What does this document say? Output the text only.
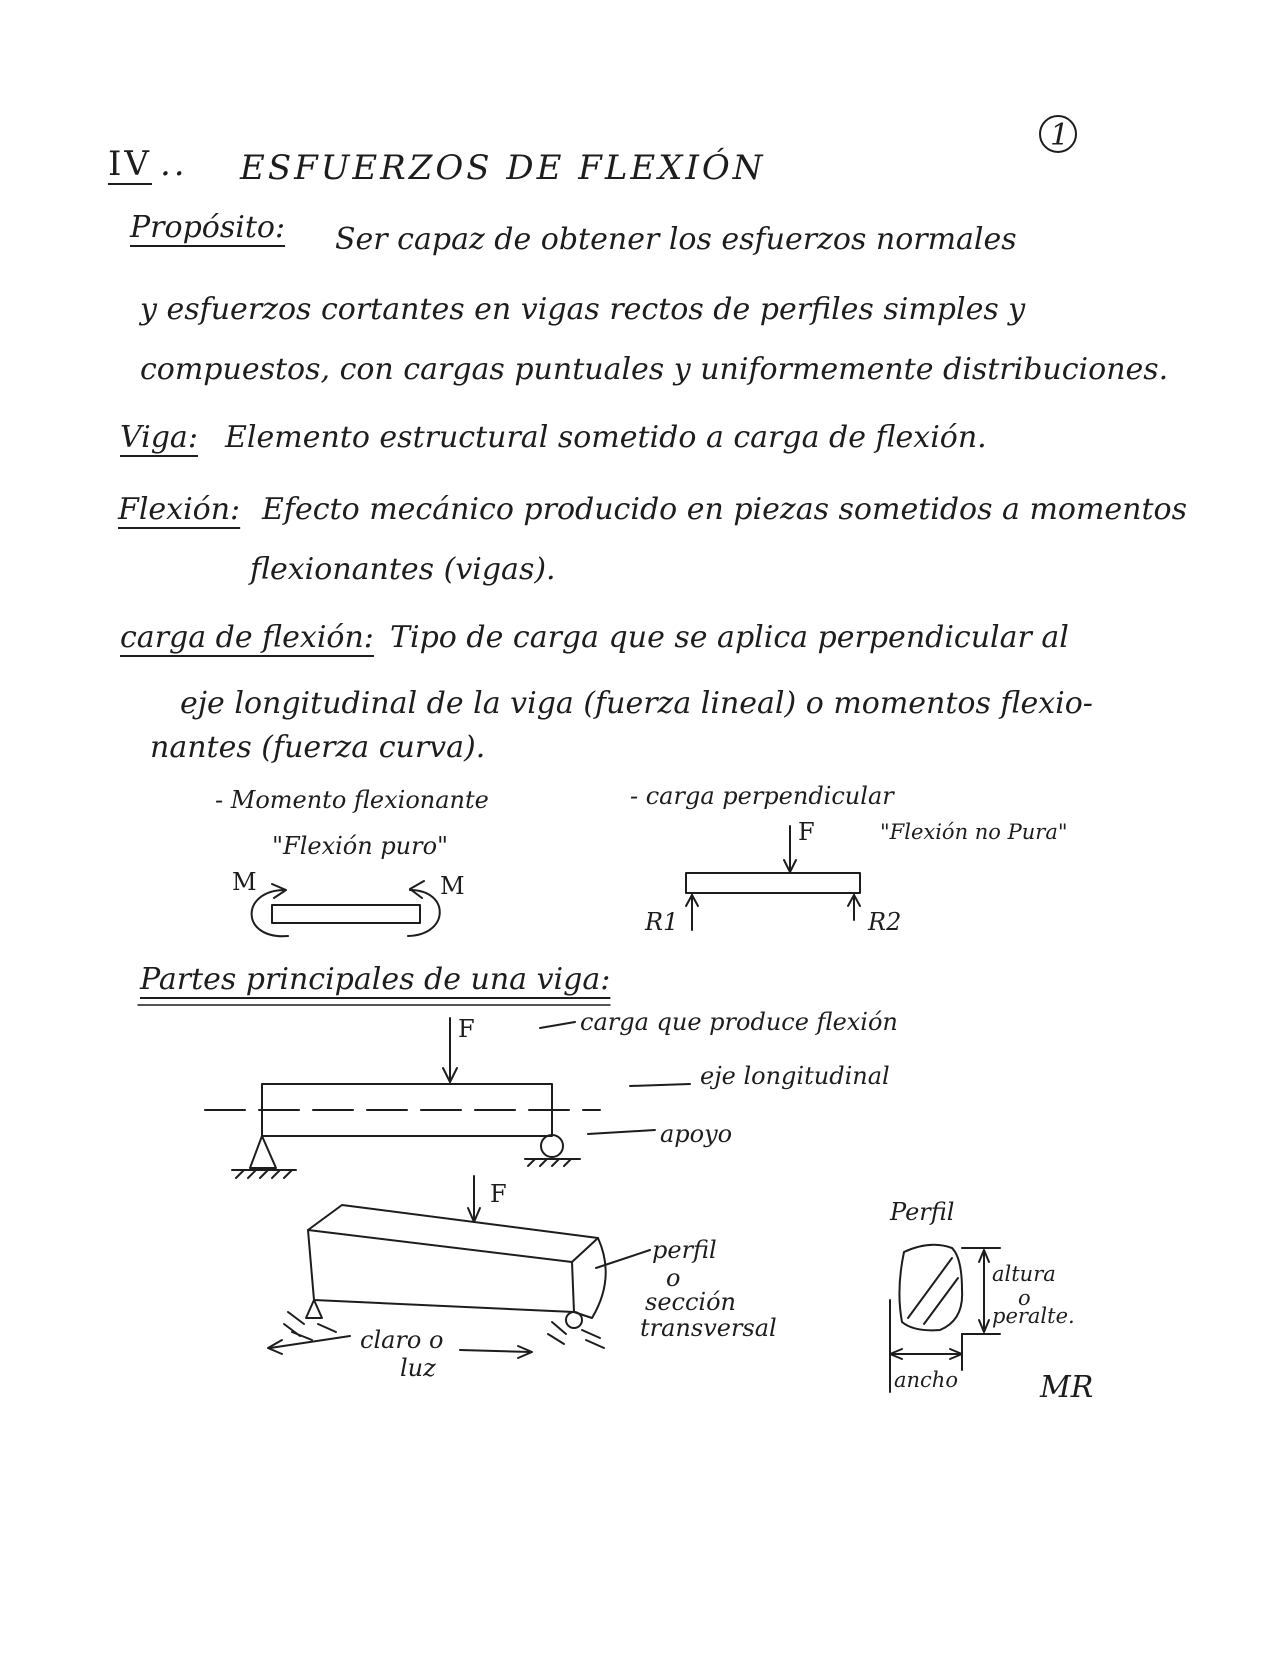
1
IV .. ESFUERZOS DE FLEXIÓN
Propósito: Ser capaz de obtener los esfuerzos normales
y esfuerzos cortantes en vigas rectos de perfiles simples y
compuestos, con cargas puntuales y uniformemente distribuciones.
Viga: Elemento estructural sometido a carga de flexión.
Flexión: Efecto mecánico producido en piezas sometidos a momentos
flexionantes (vigas).
carga de flexión: Tipo de carga que se aplica perpendicular al
eje longitudinal de la viga (fuerza lineal) o momentos flexio-
nantes (fuerza curva).
- Momento flexionante
"Flexión puro"
M	M
- carga perpendicular
"Flexión no Pura"
F
R1	R2
Partes principales de una viga:
F	carga que produce flexión
eje longitudinal
apoyo
F
perfil
o
sección
transversal
claro o
luz
Perfil
altura
o
peralte.
ancho	MR
